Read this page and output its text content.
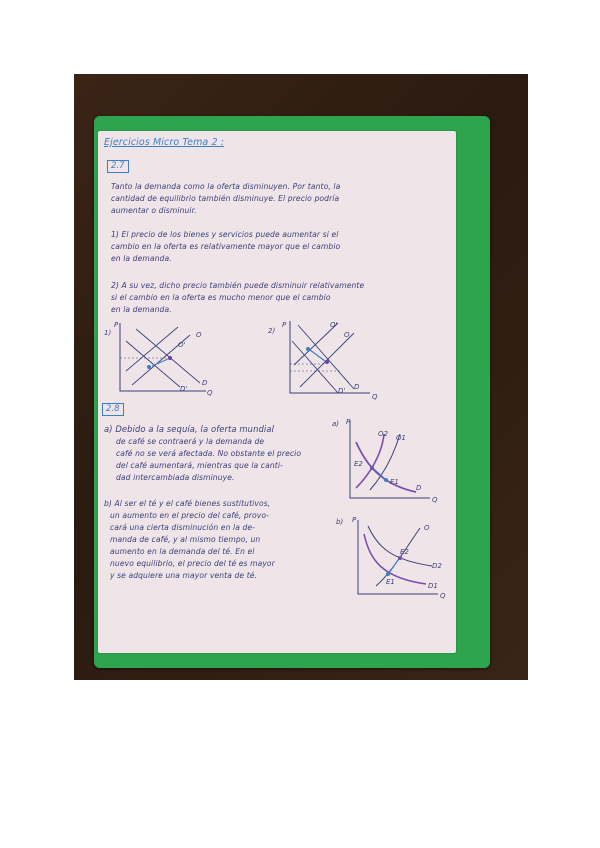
Ejercicios Micro Tema 2 :
2.7
Tanto la demanda como la oferta disminuyen. Por tanto, la
cantidad de equilibrio también disminuye. El precio podría
aumentar o disminuir.
1) El precio de los bienes y servicios puede aumentar si el
cambio en la oferta es relativamente mayor que el cambio
en la demanda.
2) A su vez, dicho precio también puede disminuir relativamente
si el cambio en la oferta es mucho menor que el cambio
en la demanda.
1)
P
Q
O'
O
D
D'
2)
P
Q
O'
O
D
D'
2.8
a) Debido a la sequía, la oferta mundial
de café se contraerá y la demanda de
café no se verá afectada. No obstante el precio
del café aumentará, mientras que la canti-
dad intercambiada disminuye.
b) Al ser el té y el café bienes sustitutivos,
un aumento en el precio del café, provo-
cará una cierta disminución en la de-
manda de café, y al mismo tiempo, un
aumento en la demanda del té. En el
nuevo equilibrio, el precio del té es mayor
y se adquiere una mayor venta de té.
a) P
Q
O2 O1
E2
E1
D
b) P
Q
O
E2
E1
D2
D1
